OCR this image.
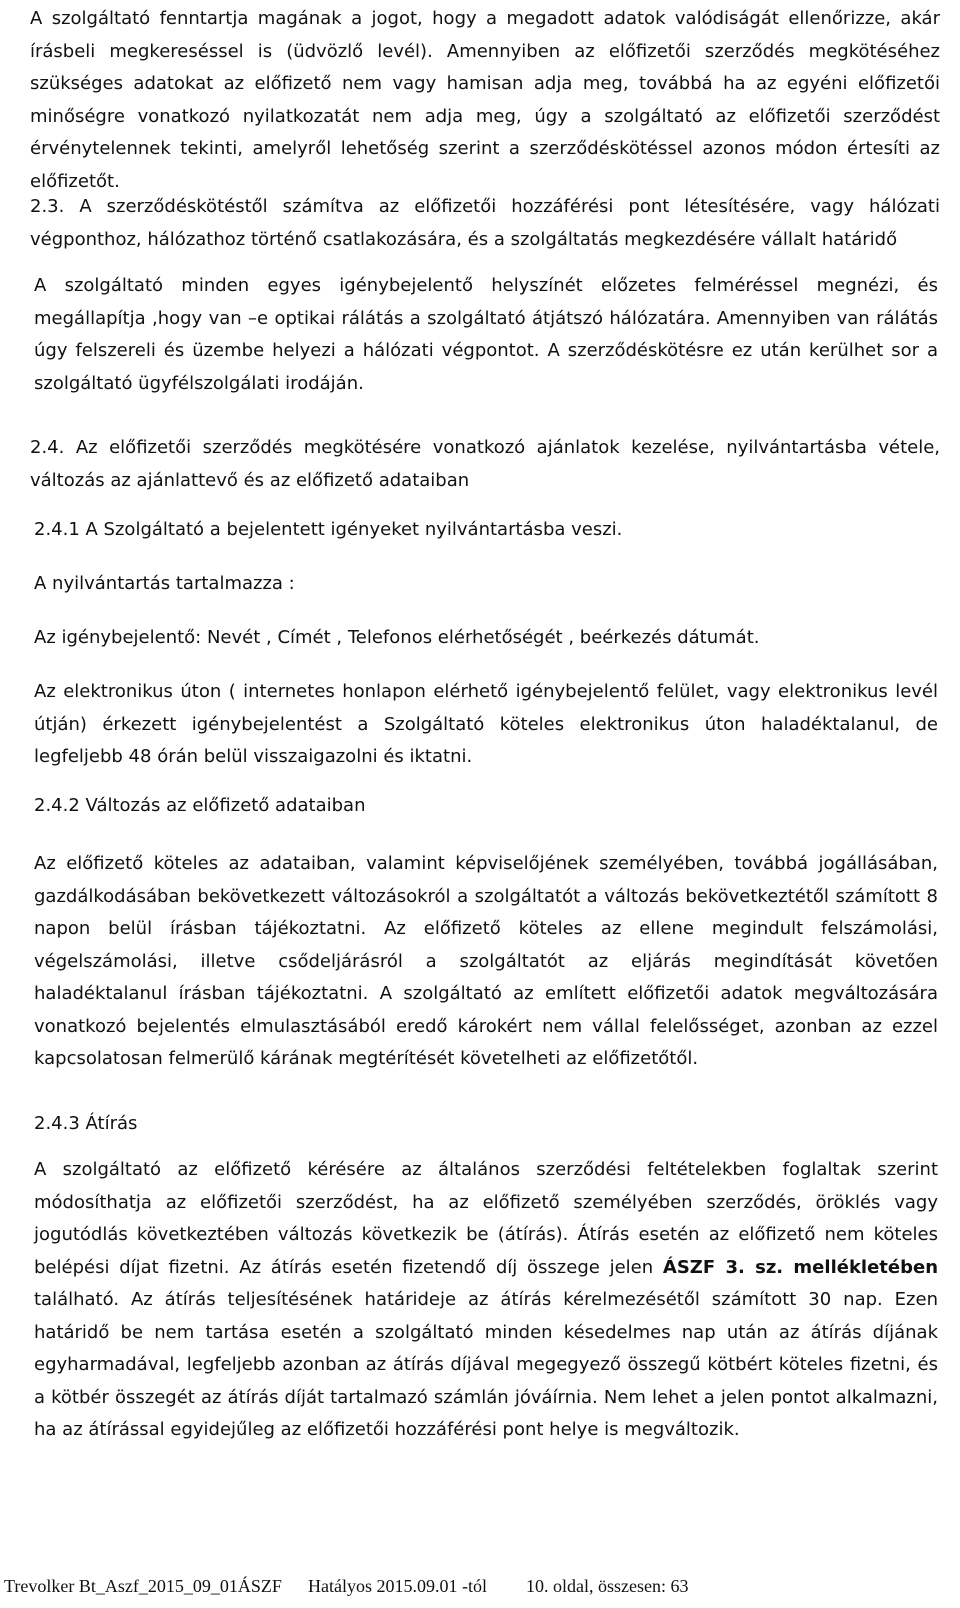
A szolgáltató fenntartja magának a jogot, hogy a megadott adatok valódiságát ellenőrizze, akár írásbeli megkereséssel is (üdvözlő levél). Amennyiben az előfizetői szerződés megkötéséhez szükséges adatokat az előfizető nem vagy hamisan adja meg, továbbá ha az egyéni előfizetői minőségre vonatkozó nyilatkozatát nem adja meg, úgy a szolgáltató az előfizetői szerződést érvénytelennek tekinti, amelyről lehetőség szerint a szerződéskötéssel azonos módon értesíti az előfizetőt.

2.3. A szerződéskötéstől számítva az előfizetői hozzáférési pont létesítésére, vagy hálózati végponthoz, hálózathoz történő csatlakozására, és a szolgáltatás megkezdésére vállalt határidő

A szolgáltató minden egyes igénybejelentő helyszínét előzetes felméréssel megnézi, és megállapítja ,hogy van –e optikai rálátás a szolgáltató átjátszó hálózatára. Amennyiben van rálátás úgy felszereli és üzembe helyezi a hálózati végpontot. A szerződéskötésre ez után kerülhet sor a szolgáltató ügyfélszolgálati irodáján.

2.4. Az előfizetői szerződés megkötésére vonatkozó ajánlatok kezelése, nyilvántartásba vétele, változás az ajánlattevő és az előfizető adataiban

2.4.1 A Szolgáltató a bejelentett igényeket nyilvántartásba veszi.

A nyilvántartás tartalmazza :

Az igénybejelentő: Nevét , Címét , Telefonos elérhetőségét , beérkezés dátumát.

Az elektronikus úton ( internetes honlapon elérhető igénybejelentő felület, vagy elektronikus levél útján) érkezett igénybejelentést a Szolgáltató köteles elektronikus úton haladéktalanul, de legfeljebb 48 órán belül visszaigazolni és iktatni.

2.4.2 Változás az előfizető adataiban

Az előfizető köteles az adataiban, valamint képviselőjének személyében, továbbá jogállásában, gazdálkodásában bekövetkezett változásokról a szolgáltatót a változás bekövetkeztétől számított 8 napon belül írásban tájékoztatni. Az előfizető köteles az ellene megindult felszámolási, végelszámolási, illetve csődeljárásról a szolgáltatót az eljárás megindítását követően haladéktalanul írásban tájékoztatni. A szolgáltató az említett előfizetői adatok megváltozására vonatkozó bejelentés elmulasztásából eredő károkért nem vállal felelősséget, azonban az ezzel kapcsolatosan felmerülő kárának megtérítését követelheti az előfizetőtől.

2.4.3 Átírás

A szolgáltató az előfizető kérésére az általános szerződési feltételekben foglaltak szerint módosíthatja az előfizetői szerződést, ha az előfizető személyében szerződés, öröklés vagy jogutódlás következtében változás következik be (átírás). Átírás esetén az előfizető nem köteles belépési díjat fizetni. Az átírás esetén fizetendő díj összege jelen ÁSZF 3. sz. mellékletében található. Az átírás teljesítésének határideje az átírás kérelmezésétől számított 30 nap. Ezen határidő be nem tartása esetén a szolgáltató minden késedelmes nap után az átírás díjának egyharmadával, legfeljebb azonban az átírás díjával megegyező összegű kötbért köteles fizetni, és a kötbér összegét az átírás díját tartalmazó számlán jóváírnia. Nem lehet a jelen pontot alkalmazni, ha az átírással egyidejűleg az előfizetői hozzáférési pont helye is megváltozik.

Trevolker Bt_Aszf_2015_09_01ÁSZF Hatályos 2015.09.01 -tól 10. oldal, összesen: 63
